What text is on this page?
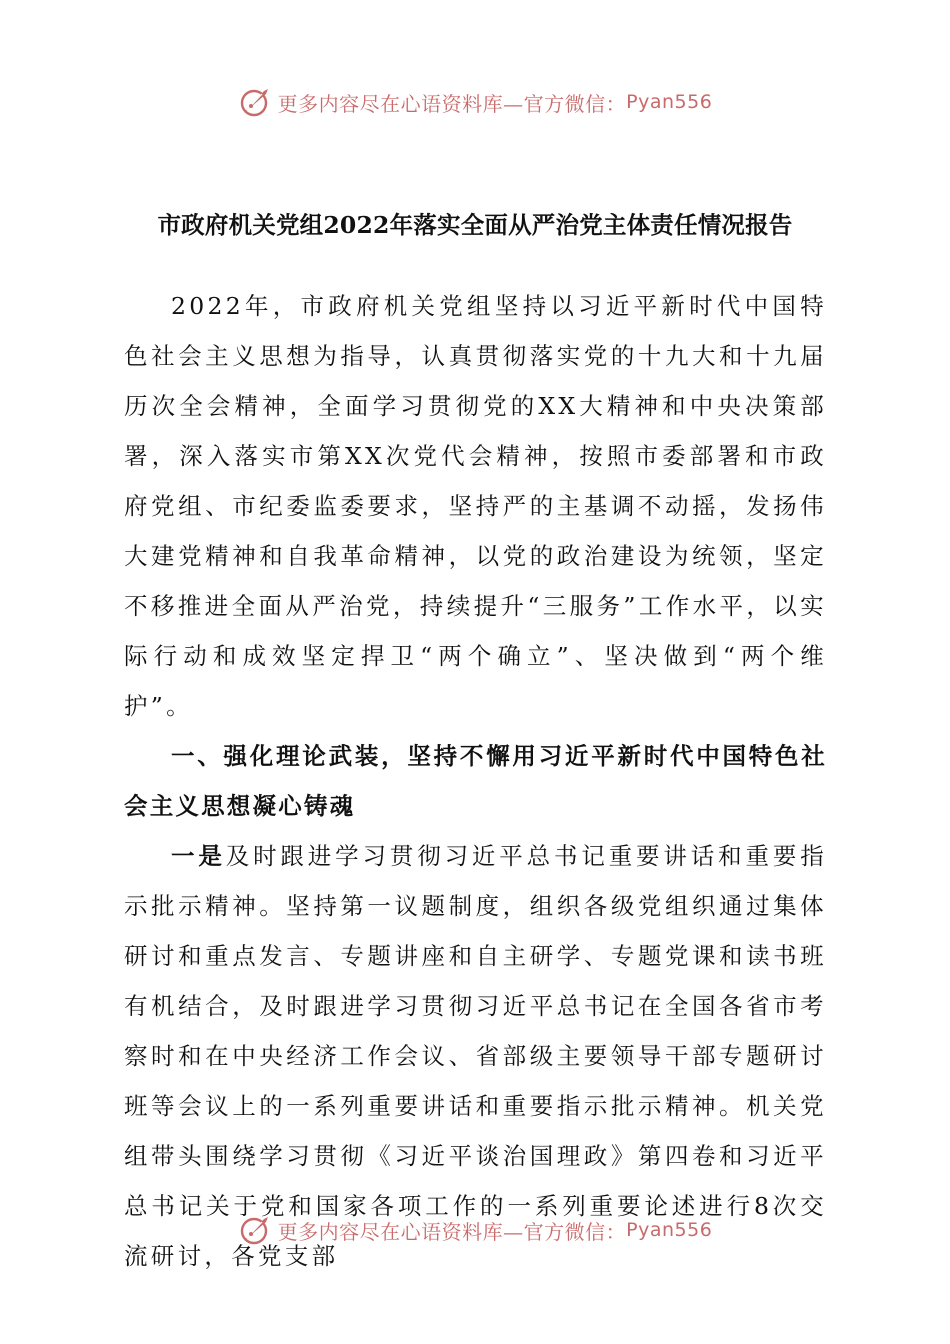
更多内容尽在心语资料库—官方微信： Pyan556
市政府机关党组2022年落实全面从严治党主体责任情况报告

2022年，市政府机关党组坚持以习近平新时代中国特色社会主义思想为指导，认真贯彻落实党的十九大和十九届历次全会精神，全面学习贯彻党的XX大精神和中央决策部署，深入落实市第XX次党代会精神，按照市委部署和市政府党组、市纪委监委要求，坚持严的主基调不动摇，发扬伟大建党精神和自我革命精神，以党的政治建设为统领，坚定不移推进全面从严治党，持续提升“三服务”工作水平，以实际行动和成效坚定捍卫“两个确立”、坚决做到“两个维护”。

一、强化理论武装，坚持不懈用习近平新时代中国特色社会主义思想凝心铸魂

一是及时跟进学习贯彻习近平总书记重要讲话和重要指示批示精神。坚持第一议题制度，组织各级党组织通过集体研讨和重点发言、专题讲座和自主研学、专题党课和读书班有机结合，及时跟进学习贯彻习近平总书记在全国各省市考察时和在中央经济工作会议、省部级主要领导干部专题研讨班等会议上的一系列重要讲话和重要指示批示精神。机关党组带头围绕学习贯彻《习近平谈治国理政》第四卷和习近平总书记关于党和国家各项工作的一系列重要论述进行8次交流研讨，各党支部

更多内容尽在心语资料库—官方微信： Pyan556
